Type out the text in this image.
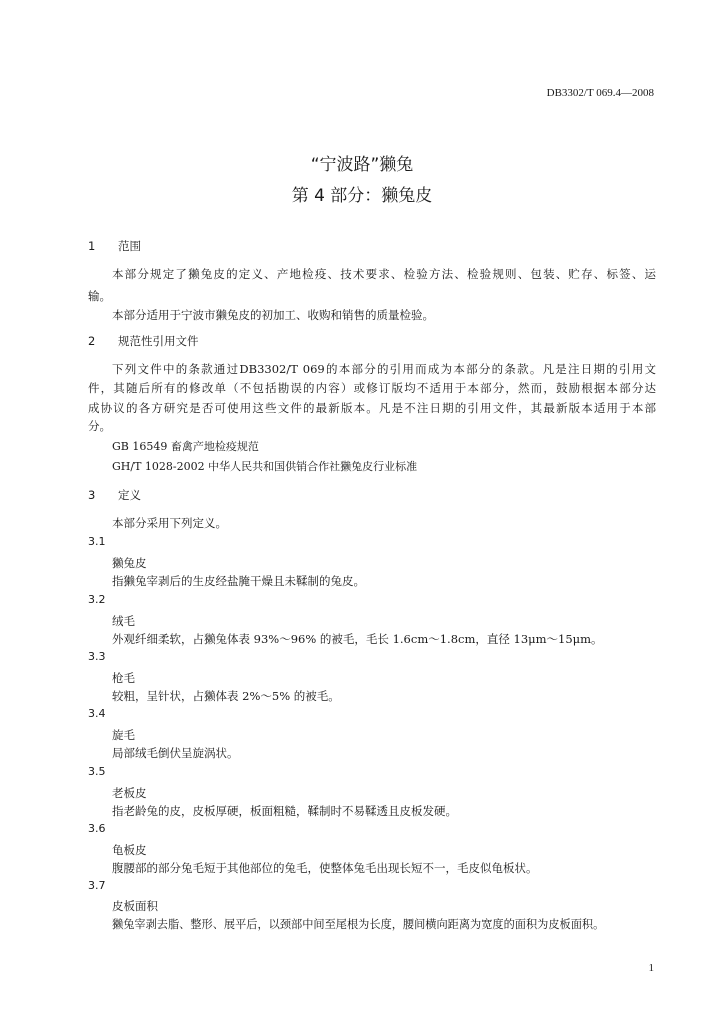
DB3302/T 069.4—2008
“宁波路”獭兔
第 4 部分：獭兔皮
1 范围
本部分规定了獭兔皮的定义、产地检疫、技术要求、检验方法、检验规则、包装、贮存、标签、运
输。
本部分适用于宁波市獭兔皮的初加工、收购和销售的质量检验。
2 规范性引用文件
下列文件中的条款通过DB3302/T 069的本部分的引用而成为本部分的条款。凡是注日期的引用文
件，其随后所有的修改单（不包括勘误的内容）或修订版均不适用于本部分，然而，鼓励根据本部分达
成协议的各方研究是否可使用这些文件的最新版本。凡是不注日期的引用文件，其最新版本适用于本部
分。
GB 16549 畜禽产地检疫规范
GH/T 1028-2002 中华人民共和国供销合作社獭兔皮行业标准
3 定义
本部分采用下列定义。
3.1
獭兔皮
指獭兔宰剥后的生皮经盐腌干燥且未鞣制的兔皮。
3.2
绒毛
外观纤细柔软，占獭兔体表 93%～96% 的被毛，毛长 1.6cm～1.8cm，直径 13μm～15μm。
3.3
枪毛
较粗，呈针状，占獭体表 2%～5% 的被毛。
3.4
旋毛
局部绒毛倒伏呈旋涡状。
3.5
老板皮
指老龄兔的皮，皮板厚硬，板面粗糙，鞣制时不易鞣透且皮板发硬。
3.6
龟板皮
腹腰部的部分兔毛短于其他部位的兔毛，使整体兔毛出现长短不一，毛皮似龟板状。
3.7
皮板面积
獭兔宰剥去脂、整形、展平后，以颈部中间至尾根为长度，腰间横向距离为宽度的面积为皮板面积。
1
